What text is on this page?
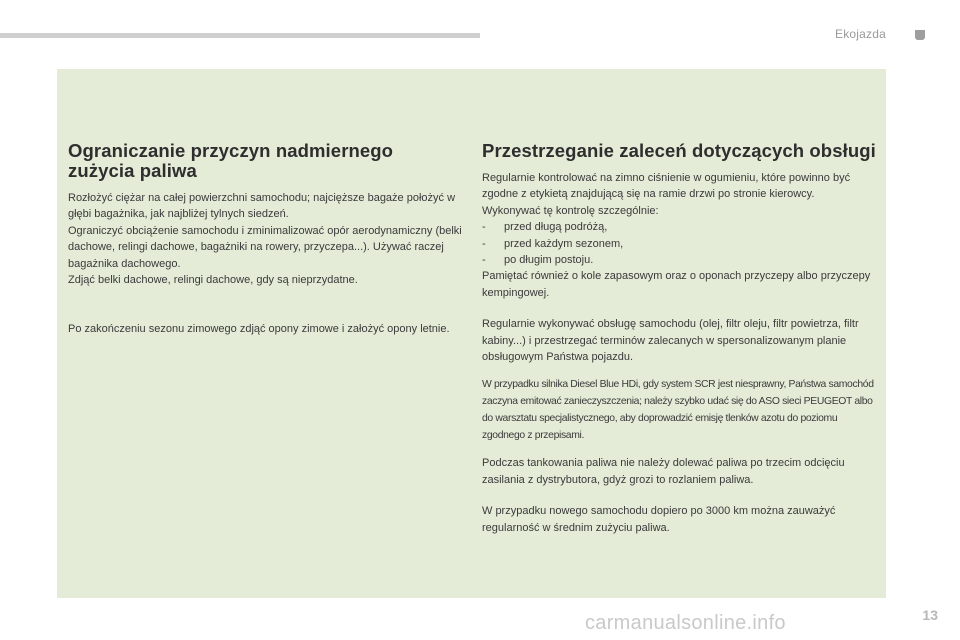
Ekojazda
Ograniczanie przyczyn nadmiernego zużycia paliwa

Rozłożyć ciężar na całej powierzchni samochodu; najcięższe bagaże położyć w głębi bagażnika, jak najbliżej tylnych siedzeń.

Ograniczyć obciążenie samochodu i zminimalizować opór aerodynamiczny (belki dachowe, relingi dachowe, bagażniki na rowery, przyczepa...). Używać raczej bagażnika dachowego.

Zdjąć belki dachowe, relingi dachowe, gdy są nieprzydatne.

Po zakończeniu sezonu zimowego zdjąć opony zimowe i założyć opony letnie.

Przestrzeganie zaleceń dotyczących obsługi

Regularnie kontrolować na zimno ciśnienie w ogumieniu, które powinno być zgodne z etykietą znajdującą się na ramie drzwi po stronie kierowcy.

Wykonywać tę kontrolę szczególnie:

-      przed długą podróżą,

-      przed każdym sezonem,

-      po długim postoju.

Pamiętać również o kole zapasowym oraz o oponach przyczepy albo przyczepy kempingowej.

Regularnie wykonywać obsługę samochodu (olej, filtr oleju, filtr powietrza, filtr kabiny...) i przestrzegać terminów zalecanych w spersonalizowanym planie obsługowym Państwa pojazdu.

W przypadku silnika Diesel Blue HDi, gdy system SCR jest niesprawny, Państwa samochód zaczyna emitować zanieczyszczenia; należy szybko udać się do ASO sieci PEUGEOT albo do warsztatu specjalistycznego, aby doprowadzić emisję tlenków azotu do poziomu zgodnego z przepisami.

Podczas tankowania paliwa nie należy dolewać paliwa po trzecim odcięciu zasilania z dystrybutora, gdyż grozi to rozlaniem paliwa.

W przypadku nowego samochodu dopiero po 3000 km można zauważyć regularność w średnim zużyciu paliwa.

carmanualsonline.info	13
